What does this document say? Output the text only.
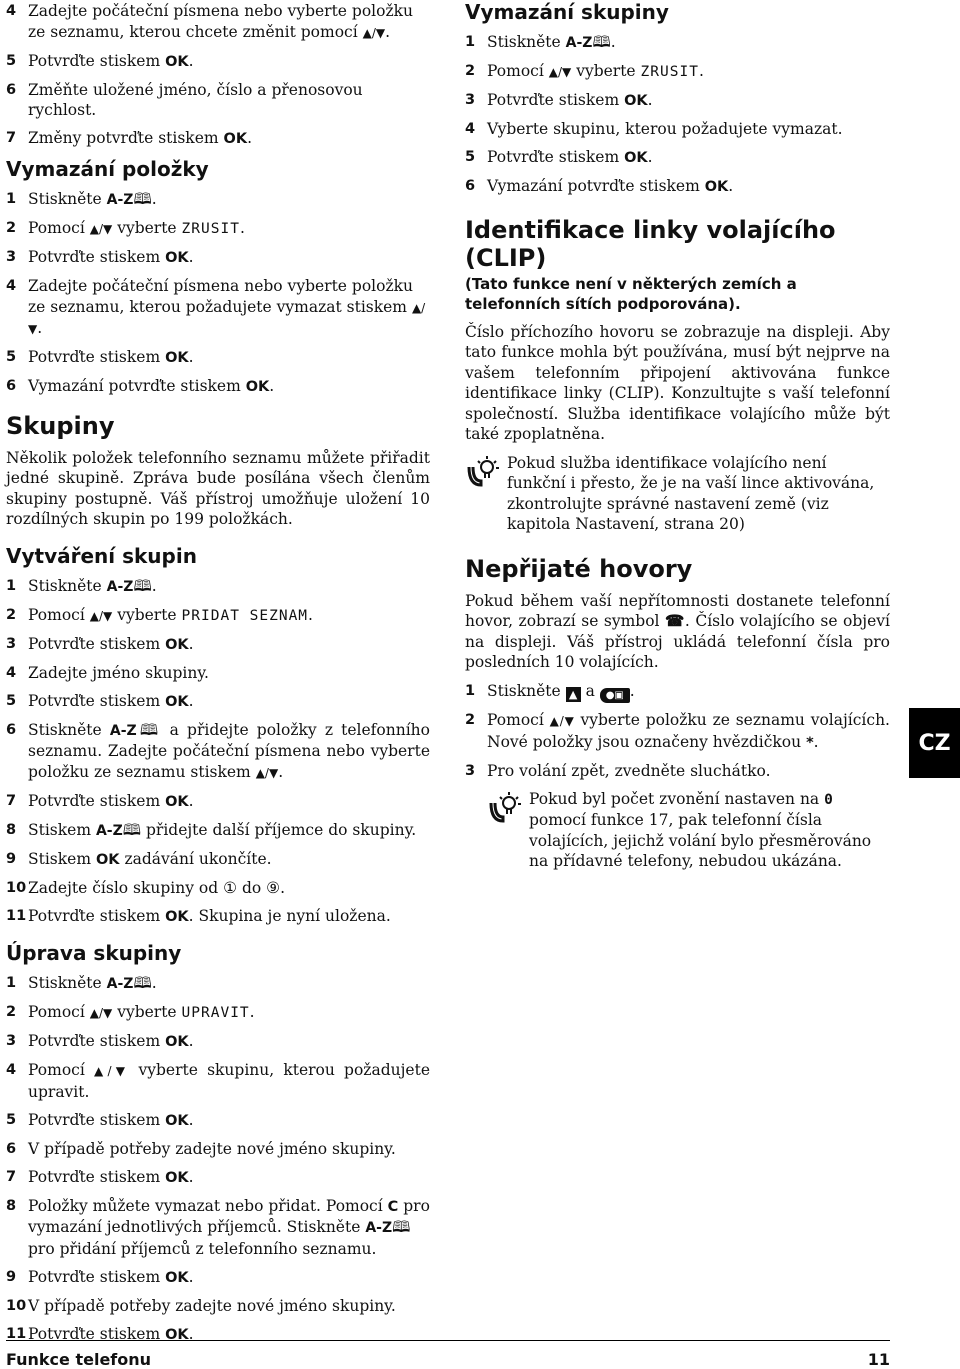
4 Zadejte počáteční písmena nebo vyberte položku ze seznamu, kterou chcete změnit pomocí ▲/▼.
5 Potvrďte stiskem OK.
6 Změňte uložené jméno, číslo a přenosovou rychlost.
7 Změny potvrďte stiskem OK.
Vymazání položky
1 Stiskněte A-Z🕮.
2 Pomocí ▲/▼ vyberte ZRUSIT.
3 Potvrďte stiskem OK.
4 Zadejte počáteční písmena nebo vyberte položku ze seznamu, kterou požadujete vymazat stiskem ▲/▼.
5 Potvrďte stiskem OK.
6 Vymazání potvrďte stiskem OK.
Skupiny

Několik položek telefonního seznamu můžete přiřadit jedné skupině. Zpráva bude posílána všech členům skupiny postupně. Váš přístroj umožňuje uložení 10 rozdílných skupin po 199 položkách.

Vytváření skupin
1 Stiskněte A-Z🕮.
2 Pomocí ▲/▼ vyberte PRIDAT SEZNAM.
3 Potvrďte stiskem OK.
4 Zadejte jméno skupiny.
5 Potvrďte stiskem OK.
6 Stiskněte A-Z🕮 a přidejte položky z telefonního seznamu. Zadejte počáteční písmena nebo vyberte položku ze seznamu stiskem ▲/▼.
7 Potvrďte stiskem OK.
8 Stiskem A-Z🕮 přidejte další příjemce do skupiny.
9 Stiskem OK zadávání ukončíte.
10 Zadejte číslo skupiny od ① do ⑨.
11 Potvrďte stiskem OK. Skupina je nyní uložena.
Úprava skupiny
1 Stiskněte A-Z🕮.
2 Pomocí ▲/▼ vyberte UPRAVIT.
3 Potvrďte stiskem OK.
4 Pomocí ▲/▼ vyberte skupinu, kterou požadujete upravit.
5 Potvrďte stiskem OK.
6 V případě potřeby zadejte nové jméno skupiny.
7 Potvrďte stiskem OK.
8 Položky můžete vymazat nebo přidat. Pomocí C pro vymazání jednotlivých příjemců. Stiskněte A-Z🕮 pro přidání příjemců z telefonního seznamu.
9 Potvrďte stiskem OK.
10 V případě potřeby zadejte nové jméno skupiny.
11 Potvrďte stiskem OK.
Vymazání skupiny
1 Stiskněte A-Z🕮.
2 Pomocí ▲/▼ vyberte ZRUSIT.
3 Potvrďte stiskem OK.
4 Vyberte skupinu, kterou požadujete vymazat.
5 Potvrďte stiskem OK.
6 Vymazání potvrďte stiskem OK.
Identifikace linky volajícího (CLIP)
(Tato funkce není v některých zemích a telefonních sítích podporována).

Číslo příchozího hovoru se zobrazuje na displeji. Aby tato funkce mohla být používána, musí být nejprve na vašem telefonním připojení aktivována funkce identifikace linky (CLIP). Konzultujte s vaší telefonní společností. Služba identifikace volajícího může být také zpoplatněna.

Pokud služba identifikace volajícího není funkční i přesto, že je na vaší lince aktivována, zkontrolujte správné nastavení země (viz kapitola Nastavení, strana 20)
Nepřijaté hovory

Pokud během vaší nepřítomnosti dostanete telefonní hovor, zobrazí se symbol ☎. Číslo volajícího se objeví na displeji. Váš přístroj ukládá telefonní čísla pro posledních 10 volajících.

1 Stiskněte ▲ a ●▣ .
2 Pomocí ▲/▼ vyberte položku ze seznamu volajících. Nové položky jsou označeny hvězdičkou *.
3 Pro volání zpět, zvedněte sluchátko.
Pokud byl počet zvonění nastaven na 0 pomocí funkce 17, pak telefonní čísla volajících, jejichž volání bylo přesměrováno na přídavné telefony, nebudou ukázána.
CZ
Funkce telefonu	11
